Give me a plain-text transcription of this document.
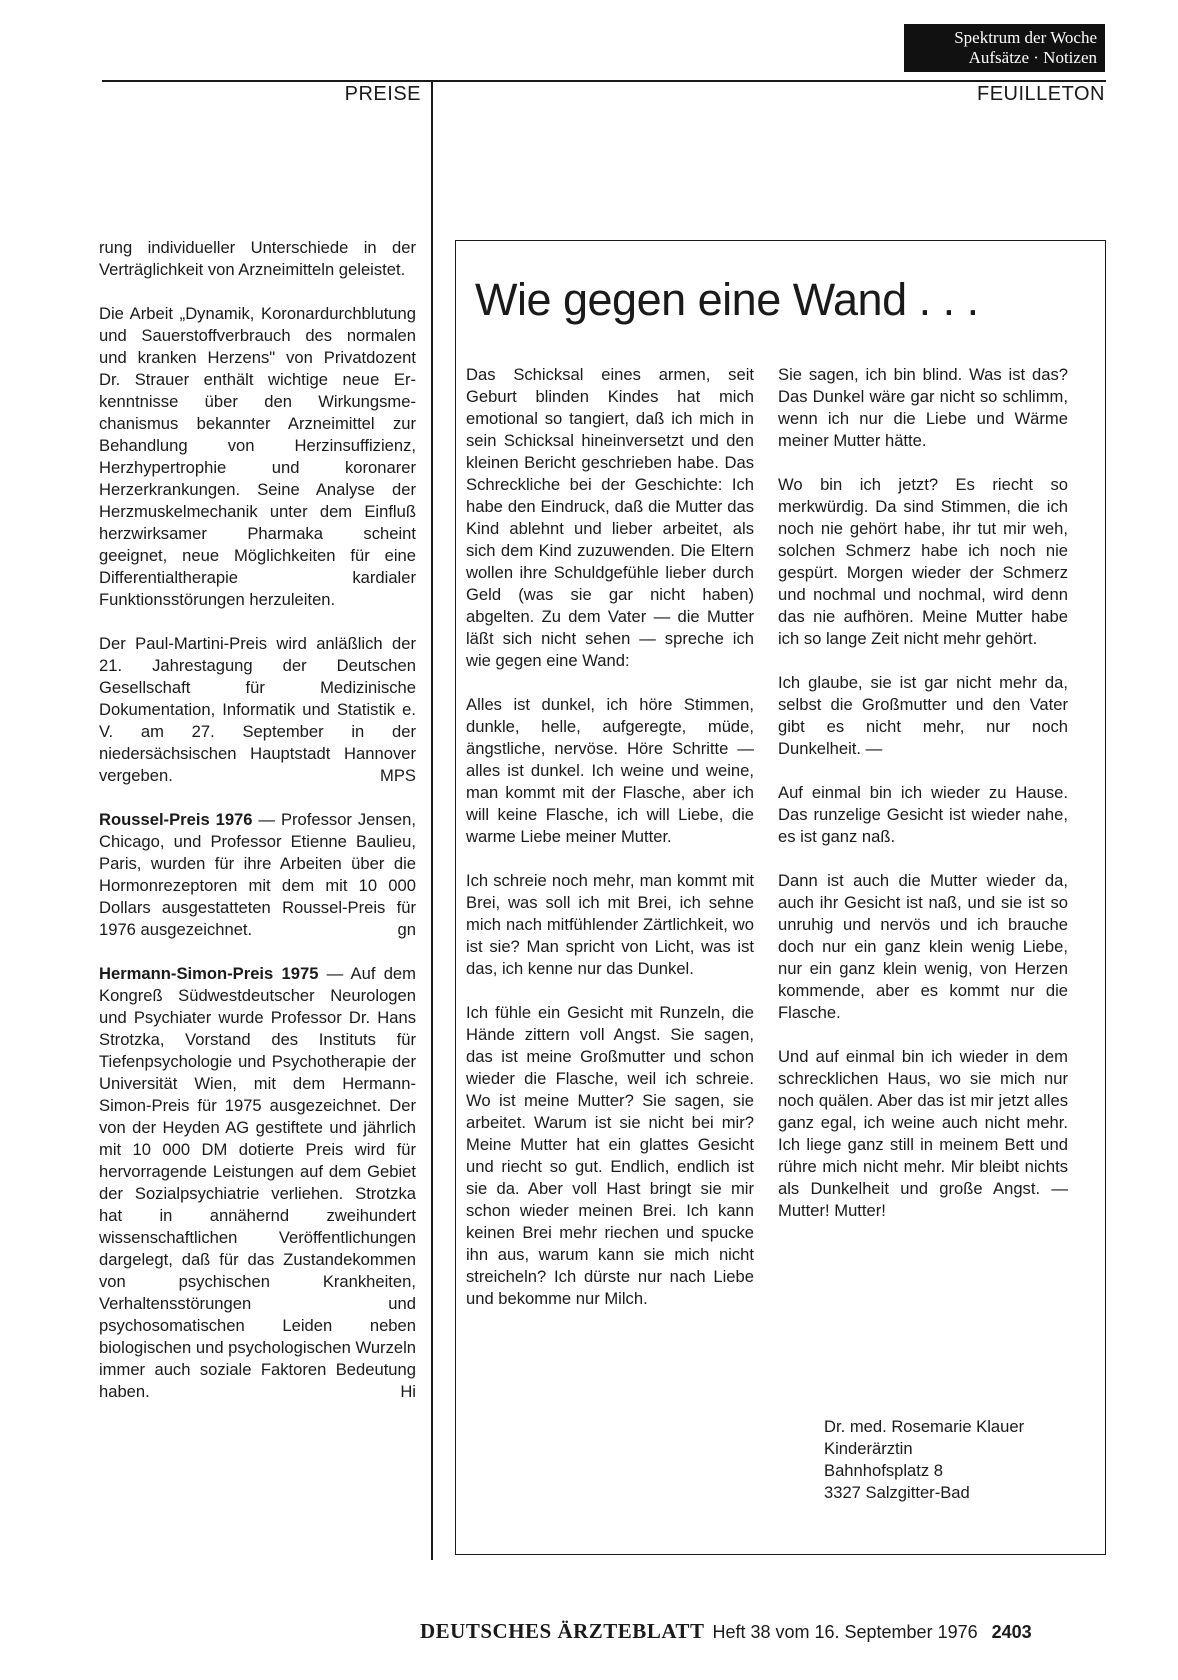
Spektrum der Woche
Aufsätze · Notizen
PREISE	FEUILLETON

rung individueller Unterschiede in der Verträglichkeit von Arzneimitteln geleistet.

Die Arbeit „Dynamik, Koronardurchblutung und Sauerstoffverbrauch des normalen und kranken Herzens" von Privatdozent Dr. Strauer enthält wichtige neue Erkenntnisse über den Wirkungsmechanismus bekannter Arzneimittel zur Behandlung von Herzinsuffizienz, Herzhypertrophie und koronarer Herzerkrankungen. Seine Analyse der Herzmuskelmechanik unter dem Einfluß herzwirksamer Pharmaka scheint geeignet, neue Möglichkeiten für eine Differentialtherapie kardialer Funktionsstörungen herzuleiten.

Der Paul-Martini-Preis wird anläßlich der 21. Jahrestagung der Deutschen Gesellschaft für Medizinische Dokumentation, Informatik und Statistik e. V. am 27. September in der niedersächsischen Hauptstadt Hannover vergeben.	MPS

Roussel-Preis 1976 — Professor Jensen, Chicago, und Professor Etienne Baulieu, Paris, wurden für ihre Arbeiten über die Hormonrezeptoren mit dem mit 10 000 Dollars ausgestatteten Roussel-Preis für 1976 ausgezeichnet.	gn

Hermann-Simon-Preis 1975 — Auf dem Kongreß Südwestdeutscher Neurologen und Psychiater wurde Professor Dr. Hans Strotzka, Vorstand des Instituts für Tiefenpsychologie und Psychotherapie der Universität Wien, mit dem Hermann-Simon-Preis für 1975 ausgezeichnet. Der von der Heyden AG gestiftete und jährlich mit 10 000 DM dotierte Preis wird für hervorragende Leistungen auf dem Gebiet der Sozialpsychiatrie verliehen. Strotzka hat in annähernd zweihundert wissenschaftlichen Veröffentlichungen dargelegt, daß für das Zustandekommen von psychischen Krankheiten, Verhaltensstörungen und psychosomatischen Leiden neben biologischen und psychologischen Wurzeln immer auch soziale Faktoren Bedeutung haben.	Hi

Wie gegen eine Wand . . .

Das Schicksal eines armen, seit Geburt blinden Kindes hat mich emotional so tangiert, daß ich mich in sein Schicksal hineinversetzt und den kleinen Bericht geschrieben habe. Das Schreckliche bei der Geschichte: Ich habe den Eindruck, daß die Mutter das Kind ablehnt und lieber arbeitet, als sich dem Kind zuzuwenden. Die Eltern wollen ihre Schuldgefühle lieber durch Geld (was sie gar nicht haben) abgelten. Zu dem Vater — die Mutter läßt sich nicht sehen — spreche ich wie gegen eine Wand:

Alles ist dunkel, ich höre Stimmen, dunkle, helle, aufgeregte, müde, ängstliche, nervöse. Höre Schritte — alles ist dunkel. Ich weine und weine, man kommt mit der Flasche, aber ich will keine Flasche, ich will Liebe, die warme Liebe meiner Mutter.

Ich schreie noch mehr, man kommt mit Brei, was soll ich mit Brei, ich sehne mich nach mitfühlender Zärtlichkeit, wo ist sie? Man spricht von Licht, was ist das, ich kenne nur das Dunkel.

Ich fühle ein Gesicht mit Runzeln, die Hände zittern voll Angst. Sie sagen, das ist meine Großmutter und schon wieder die Flasche, weil ich schreie. Wo ist meine Mutter? Sie sagen, sie arbeitet. Warum ist sie nicht bei mir? Meine Mutter hat ein glattes Gesicht und riecht so gut. Endlich, endlich ist sie da. Aber voll Hast bringt sie mir schon wieder meinen Brei. Ich kann keinen Brei mehr riechen und spucke ihn aus, warum kann sie mich nicht streicheln? Ich dürste nur nach Liebe und bekomme nur Milch.

Sie sagen, ich bin blind. Was ist das? Das Dunkel wäre gar nicht so schlimm, wenn ich nur die Liebe und Wärme meiner Mutter hätte.

Wo bin ich jetzt? Es riecht so merkwürdig. Da sind Stimmen, die ich noch nie gehört habe, ihr tut mir weh, solchen Schmerz habe ich noch nie gespürt. Morgen wieder der Schmerz und nochmal und nochmal, wird denn das nie aufhören. Meine Mutter habe ich so lange Zeit nicht mehr gehört.

Ich glaube, sie ist gar nicht mehr da, selbst die Großmutter und den Vater gibt es nicht mehr, nur noch Dunkelheit. —

Auf einmal bin ich wieder zu Hause. Das runzelige Gesicht ist wieder nahe, es ist ganz naß.

Dann ist auch die Mutter wieder da, auch ihr Gesicht ist naß, und sie ist so unruhig und nervös und ich brauche doch nur ein ganz klein wenig Liebe, nur ein ganz klein wenig, von Herzen kommende, aber es kommt nur die Flasche.

Und auf einmal bin ich wieder in dem schrecklichen Haus, wo sie mich nur noch quälen. Aber das ist mir jetzt alles ganz egal, ich weine auch nicht mehr. Ich liege ganz still in meinem Bett und rühre mich nicht mehr. Mir bleibt nichts als Dunkelheit und große Angst. — Mutter! Mutter!

Dr. med. Rosemarie Klauer
Kinderärztin
Bahnhofsplatz 8
3327 Salzgitter-Bad
DEUTSCHES ÄRZTEBLATT Heft 38 vom 16. September 1976 2403
